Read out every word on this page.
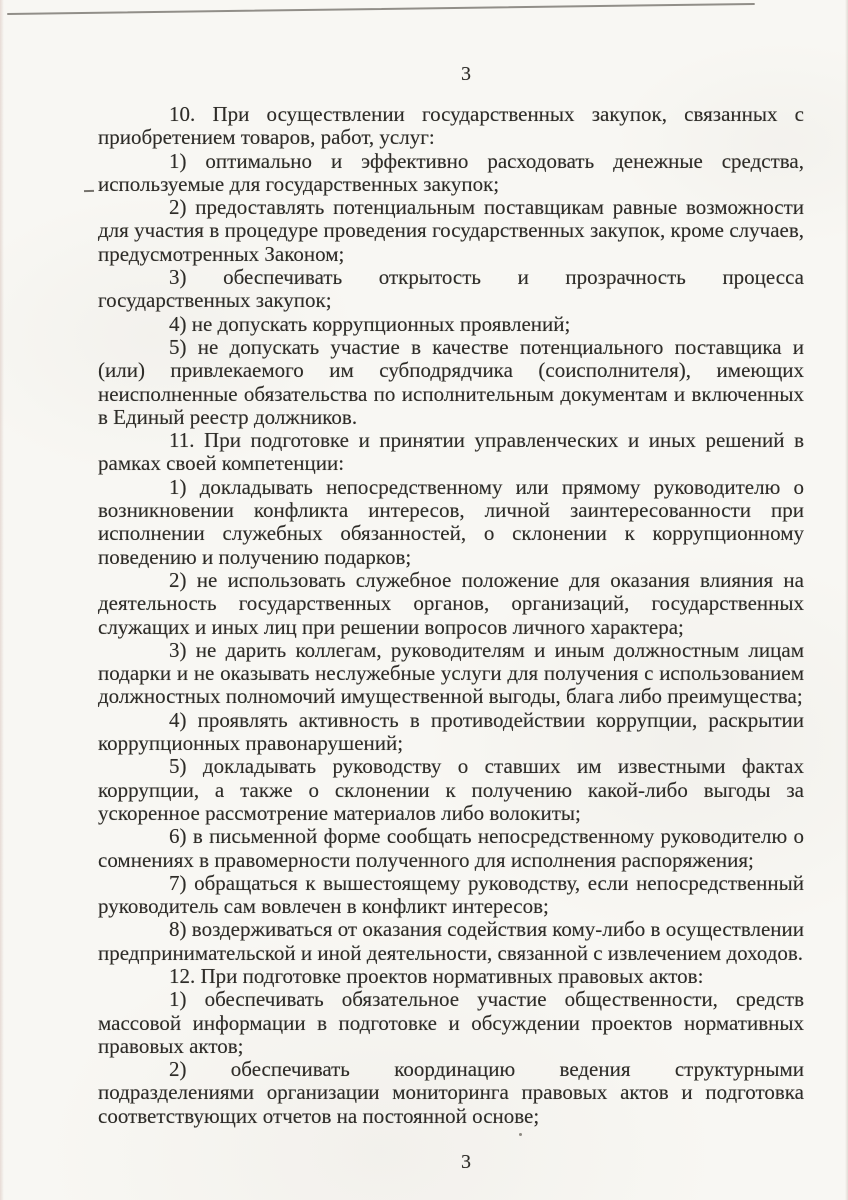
3

10. При осуществлении государственных закупок, связанных с приобретением товаров, работ, услуг:

1) оптимально и эффективно расходовать денежные средства, используемые для государственных закупок;

2) предоставлять потенциальным поставщикам равные возможности для участия в процедуре проведения государственных закупок, кроме случаев, предусмотренных Законом;

3) обеспечивать открытость и прозрачность процесса государственных закупок;

4) не допускать коррупционных проявлений;

5) не допускать участие в качестве потенциального поставщика и (или) привлекаемого им субподрядчика (соисполнителя), имеющих неисполненные обязательства по исполнительным документам и включенных в Единый реестр должников.

11. При подготовке и принятии управленческих и иных решений в рамках своей компетенции:

1) докладывать непосредственному или прямому руководителю о возникновении конфликта интересов, личной заинтересованности при исполнении служебных обязанностей, о склонении к коррупционному поведению и получению подарков;

2) не использовать служебное положение для оказания влияния на деятельность государственных органов, организаций, государственных служащих и иных лиц при решении вопросов личного характера;

3) не дарить коллегам, руководителям и иным должностным лицам подарки и не оказывать неслужебные услуги для получения с использованием должностных полномочий имущественной выгоды, блага либо преимущества;

4) проявлять активность в противодействии коррупции, раскрытии коррупционных правонарушений;

5) докладывать руководству о ставших им известными фактах коррупции, а также о склонении к получению какой-либо выгоды за ускоренное рассмотрение материалов либо волокиты;

6) в письменной форме сообщать непосредственному руководителю о сомнениях в правомерности полученного для исполнения распоряжения;

7) обращаться к вышестоящему руководству, если непосредственный руководитель сам вовлечен в конфликт интересов;

8) воздерживаться от оказания содействия кому-либо в осуществлении предпринимательской и иной деятельности, связанной с извлечением доходов.

12. При подготовке проектов нормативных правовых актов:

1) обеспечивать обязательное участие общественности, средств массовой информации в подготовке и обсуждении проектов нормативных правовых актов;

2) обеспечивать координацию ведения структурными подразделениями организации мониторинга правовых актов и подготовка соответствующих отчетов на постоянной основе;

3
